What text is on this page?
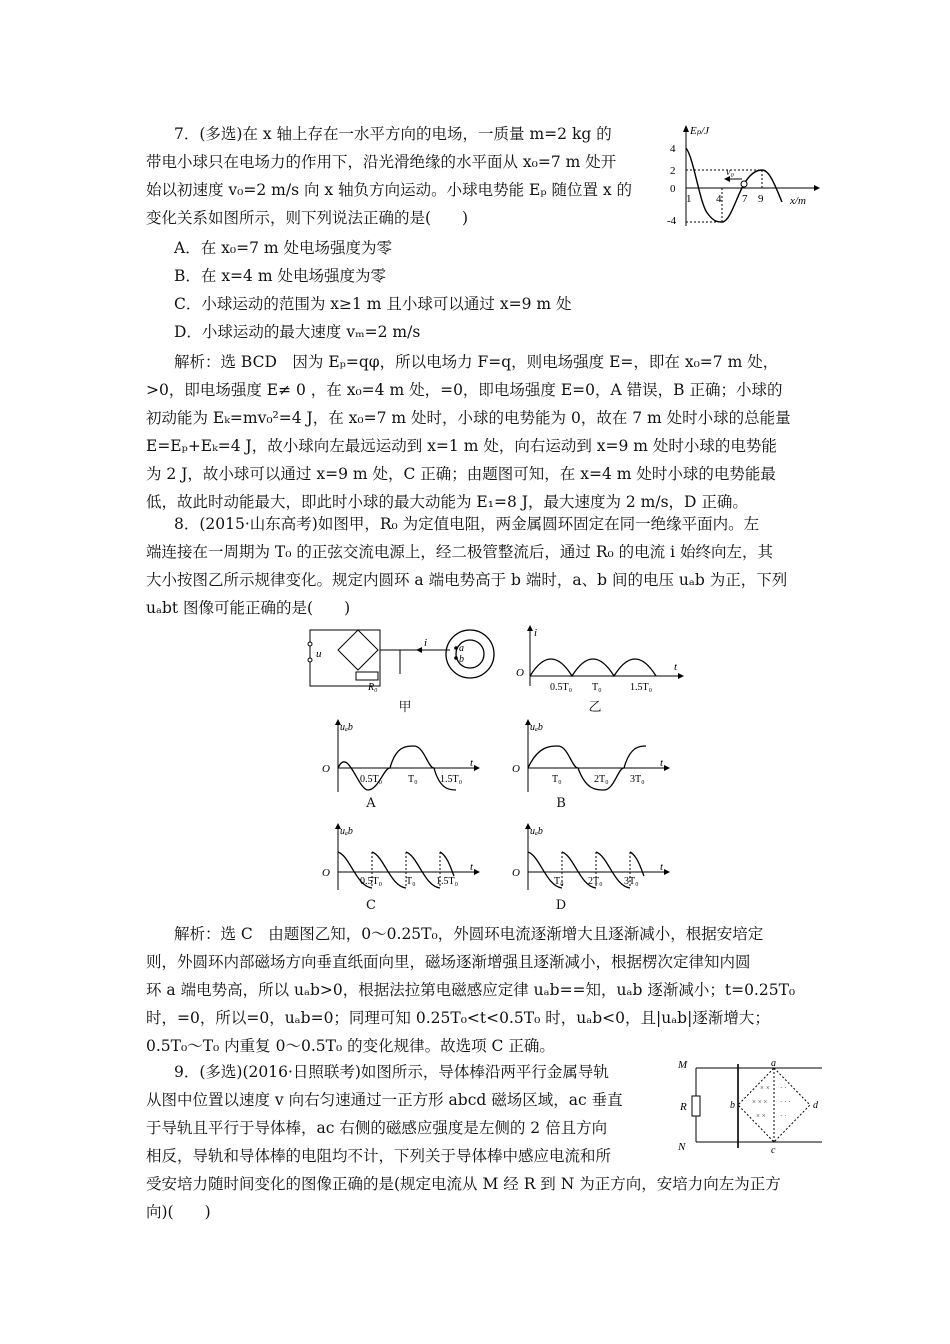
7．(多选)在 x 轴上存在一水平方向的电场，一质量 m=2 kg 的
带电小球只在电场力的作用下，沿光滑绝缘的水平面从 x₀=7 m 处开
始以初速度 v₀=2 m/s 向 x 轴负方向运动。小球电势能 Eₚ 随位置 x 的
变化关系如图所示，则下列说法正确的是(　　)
A．在 x₀=7 m 处电场强度为零
B．在 x=4 m 处电场强度为零
C．小球运动的范围为 x≥1 m 且小球可以通过 x=9 m 处
D．小球运动的最大速度 vₘ=2 m/s
解析：选 BCD　因为 Eₚ=qφ，所以电场力 F=q，则电场强度 E=，即在 x₀=7 m 处，
>0，即电场强度 E≠ 0 ，在 x₀=4 m 处，=0，即电场强度 E=0，A 错误，B 正确；小球的
初动能为 Eₖ=mv₀²=4 J，在 x₀=7 m 处时，小球的电势能为 0，故在 7 m 处时小球的总能量
E=Eₚ+Eₖ=4 J，故小球向左最远运动到 x=1 m 处，向右运动到 x=9 m 处时小球的电势能
为 2 J，故小球可以通过 x=9 m 处，C 正确；由题图可知，在 x=4 m 处时小球的电势能最
低，故此时动能最大，即此时小球的最大动能为 E₁=8 J，最大速度为 2 m/s，D 正确。
Eₚ/J
x/m
4
2
0
-4
1 4 7 9
v₀
8．(2015·山东高考)如图甲，R₀ 为定值电阻，两金属圆环固定在同一绝缘平面内。左
端连接在一周期为 T₀ 的正弦交流电源上，经二极管整流后，通过 R₀ 的电流 i 始终向左，其
大小按图乙所示规律变化。规定内圆环 a 端电势高于 b 端时，a、b 间的电压 uₐb 为正，下列
uₐbt 图像可能正确的是(　　)
u
i
R₀
a
b
甲
i
O	t
0.5T₀ T₀	1.5T₀
乙
uₐb
O	t
0.5T₀	T₀ 1.5T₀
A
uₐb
O	t
T₀	2T₀ 3T₀
B
uₐb
O	t
0.5T₀ T₀ 1.5T₀
C
uₐb
O	t
T₀ 2T₀ 3T₀
D
解析：选 C　由题图乙知，0～0.25T₀，外圆环电流逐渐增大且逐渐减小，根据安培定
则，外圆环内部磁场方向垂直纸面向里，磁场逐渐增强且逐渐减小，根据楞次定律知内圆
环 a 端电势高，所以 uₐb>0，根据法拉第电磁感应定律 uₐb==知，uₐb 逐渐减小；t=0.25T₀
时，=0，所以=0，uₐb=0；同理可知 0.25T₀<t<0.5T₀ 时，uₐb<0，且|uₐb|逐渐增大；
0.5T₀～T₀ 内重复 0～0.5T₀ 的变化规律。故选项 C 正确。
9．(多选)(2016·日照联考)如图所示，导体棒沿两平行金属导轨
从图中位置以速度 v 向右匀速通过一正方形 abcd 磁场区域，ac 垂直
于导轨且平行于导体棒，ac 右侧的磁感应强度是左侧的 2 倍且方向
相反，导轨和导体棒的电阻均不计，下列关于导体棒中感应电流和所
受安培力随时间变化的图像正确的是(规定电流从 M 经 R 到 N 为正方向，安培力向左为正方
向)(　　)
M
R
N
a
b
c
d
× ×
× × ×
× ×
· ·
· · ·
· ·
